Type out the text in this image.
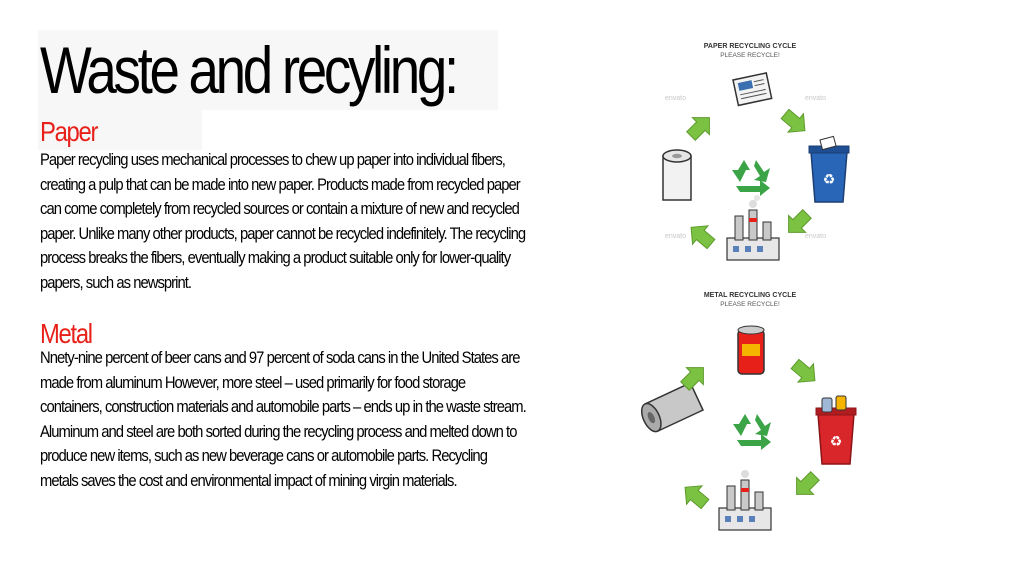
Waste and recyling:
Paper
Paper recycling uses mechanical processes to chew up paper into individual fibers, creating a pulp that can be made into new paper. Products made from recycled paper can come completely from recycled sources or contain a mixture of new and recycled paper. Unlike many other products, paper cannot be recycled indefinitely. The recycling process breaks the fibers, eventually making a product suitable only for lower-quality papers, such as newsprint.
Metal
Nnety-nine percent of beer cans and 97 percent of soda cans in the United States are made from aluminum However, more steel – used primarily for food storage containers, construction materials and automobile parts – ends up in the waste stream. Aluminum and steel are both sorted during the recycling process and melted down to produce new items, such as new beverage cans or automobile parts. Recycling metals saves the cost and environmental impact of mining virgin materials.
PAPER RECYCLING CYCLE
PLEASE RECYCLE!
envato	envato
envato	envato
♻
METAL RECYCLING CYCLE
PLEASE RECYCLE!
♻
